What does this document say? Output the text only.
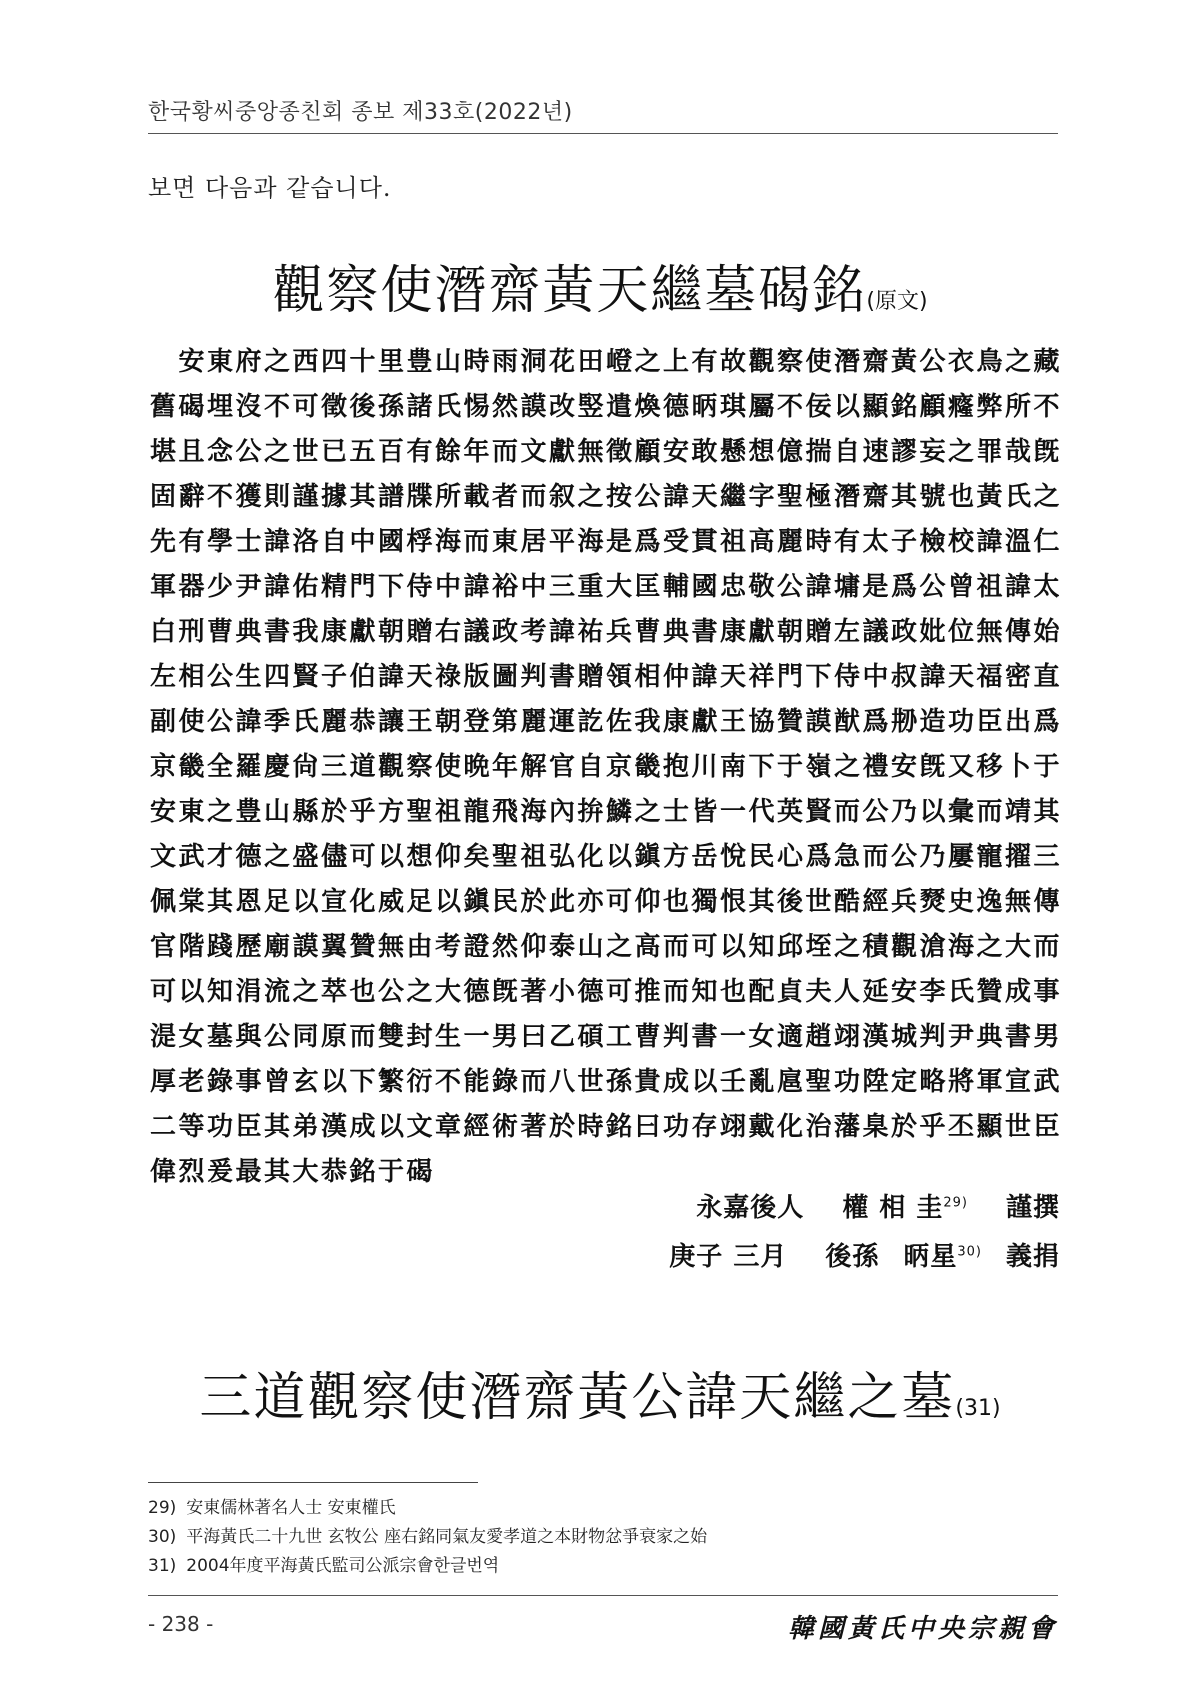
한국황씨중앙종친회 종보 제33호(2022년)
보면 다음과 같습니다.
觀察使潛齋黃天繼墓碣銘(原文)
　安東府之西四十里豊山時雨洞花田嶝之上有故觀察使潛齋黃公衣鳥之藏
舊碣埋沒不可徵後孫諸氏惕然謨改竪遣煥德昞琪屬不佞以顯銘顧癃弊所不
堪且念公之世已五百有餘年而文獻無徵顧安敢懸想億揣自速謬妄之罪哉旣
固辭不獲則謹據其譜牒所載者而叙之按公諱天繼字聖極潛齋其號也黃氏之
先有學士諱洛自中國桴海而東居平海是爲受貫祖高麗時有太子檢校諱溫仁
軍器少尹諱佑精門下侍中諱裕中三重大匡輔國忠敬公諱墉是爲公曾祖諱太
白刑曹典書我康獻朝贈右議政考諱祐兵曹典書康獻朝贈左議政妣位無傳始
左相公生四賢子伯諱天祿版圖判書贈領相仲諱天祥門下侍中叔諱天福密直
副使公諱季氏麗恭讓王朝登第麗運訖佐我康獻王協贊謨猷爲刱造功臣出爲
京畿全羅慶尙三道觀察使晩年解官自京畿抱川南下于嶺之禮安旣又移卜于
安東之豊山縣於乎方聖祖龍飛海內拚鱗之士皆一代英賢而公乃以彙而靖其
文武才德之盛儘可以想仰矣聖祖弘化以鎭方岳悅民心爲急而公乃屢寵擢三
佩棠其恩足以宣化威足以鎭民於此亦可仰也獨恨其後世酷經兵燹史逸無傳
官階踐歷廟謨翼贊無由考證然仰泰山之高而可以知邱垤之積觀滄海之大而
可以知涓流之萃也公之大德旣著小德可推而知也配貞夫人延安李氏贊成事
湜女墓與公同原而雙封生一男曰乙碩工曹判書一女適趙翊漢城判尹典書男
厚老錄事曾玄以下繁衍不能錄而八世孫貴成以壬亂扈聖功陞定略將軍宣武
二等功臣其弟漢成以文章經術著於時銘曰功存翊戴化治藩臬於乎丕顯世臣
偉烈爰最其大恭銘于碣
永嘉後人 權 相 圭$^{29)}$ 謹撰
庚子 三月 後孫 昞星$^{30)}$ 義捐
三道觀察使潛齋黃公諱天繼之墓(31)
29) 安東儒林著名人士 安東權氏
30) 平海黃氏二十九世 玄牧公 座右銘同氣友愛孝道之本財物忿爭衰家之始
31) 2004年度平海黃氏監司公派宗會한글번역
- 238 -	韓國黃氏中央宗親會
